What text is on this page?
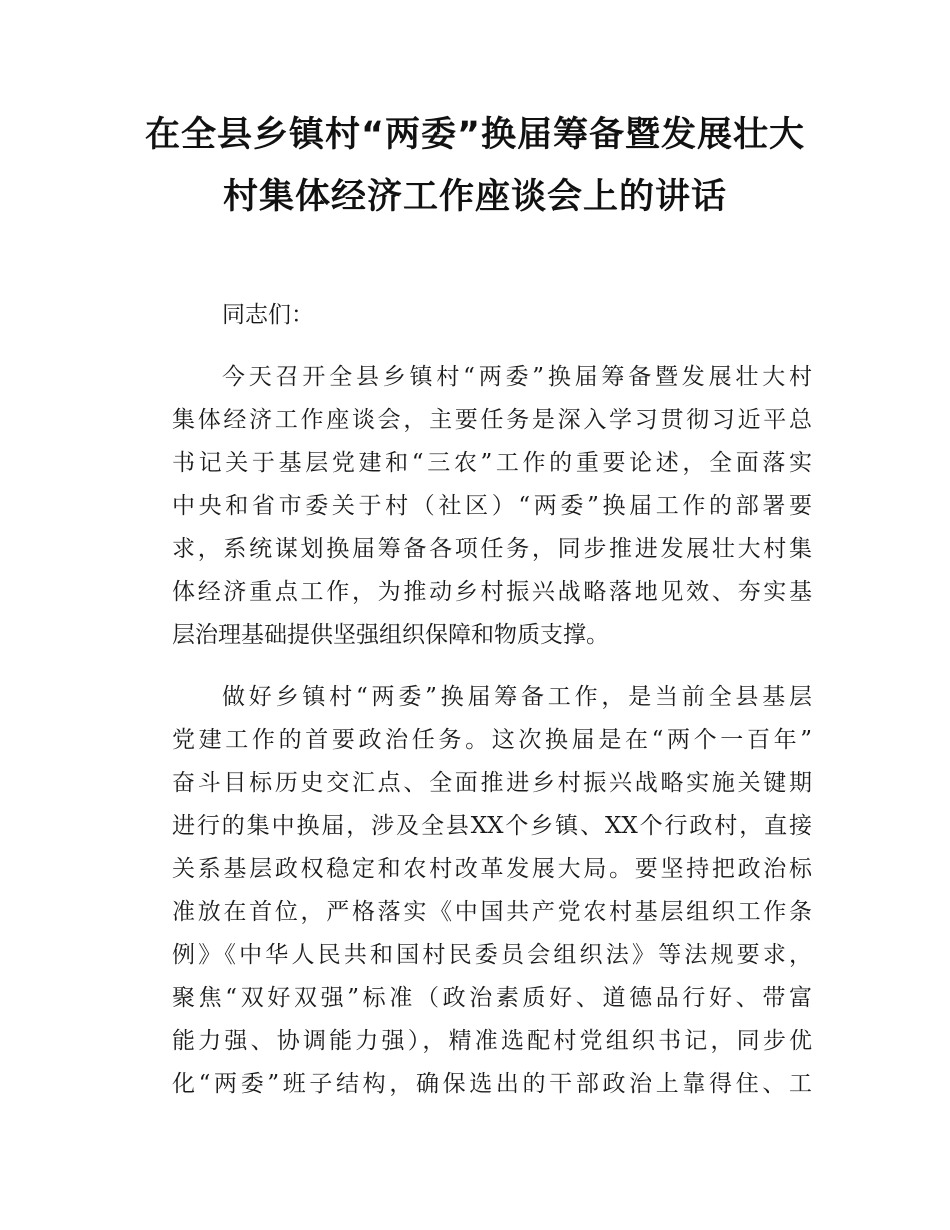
在全县乡镇村“两委”换届筹备暨发展壮大
村集体经济工作座谈会上的讲话

同志们：

今天召开全县乡镇村“两委”换届筹备暨发展壮大村
集体经济工作座谈会，主要任务是深入学习贯彻习近平总
书记关于基层党建和“三农”工作的重要论述，全面落实
中央和省市委关于村（社区）“两委”换届工作的部署要
求，系统谋划换届筹备各项任务，同步推进发展壮大村集
体经济重点工作，为推动乡村振兴战略落地见效、夯实基
层治理基础提供坚强组织保障和物质支撑。
做好乡镇村“两委”换届筹备工作，是当前全县基层
党建工作的首要政治任务。这次换届是在“两个一百年”
奋斗目标历史交汇点、全面推进乡村振兴战略实施关键期
进行的集中换届，涉及全县XX个乡镇、XX个行政村，直接
关系基层政权稳定和农村改革发展大局。要坚持把政治标
准放在首位，严格落实《中国共产党农村基层组织工作条
例》《中华人民共和国村民委员会组织法》等法规要求，
聚焦“双好双强”标准（政治素质好、道德品行好、带富
能力强、协调能力强），精准选配村党组织书记，同步优
化“两委”班子结构，确保选出的干部政治上靠得住、工
